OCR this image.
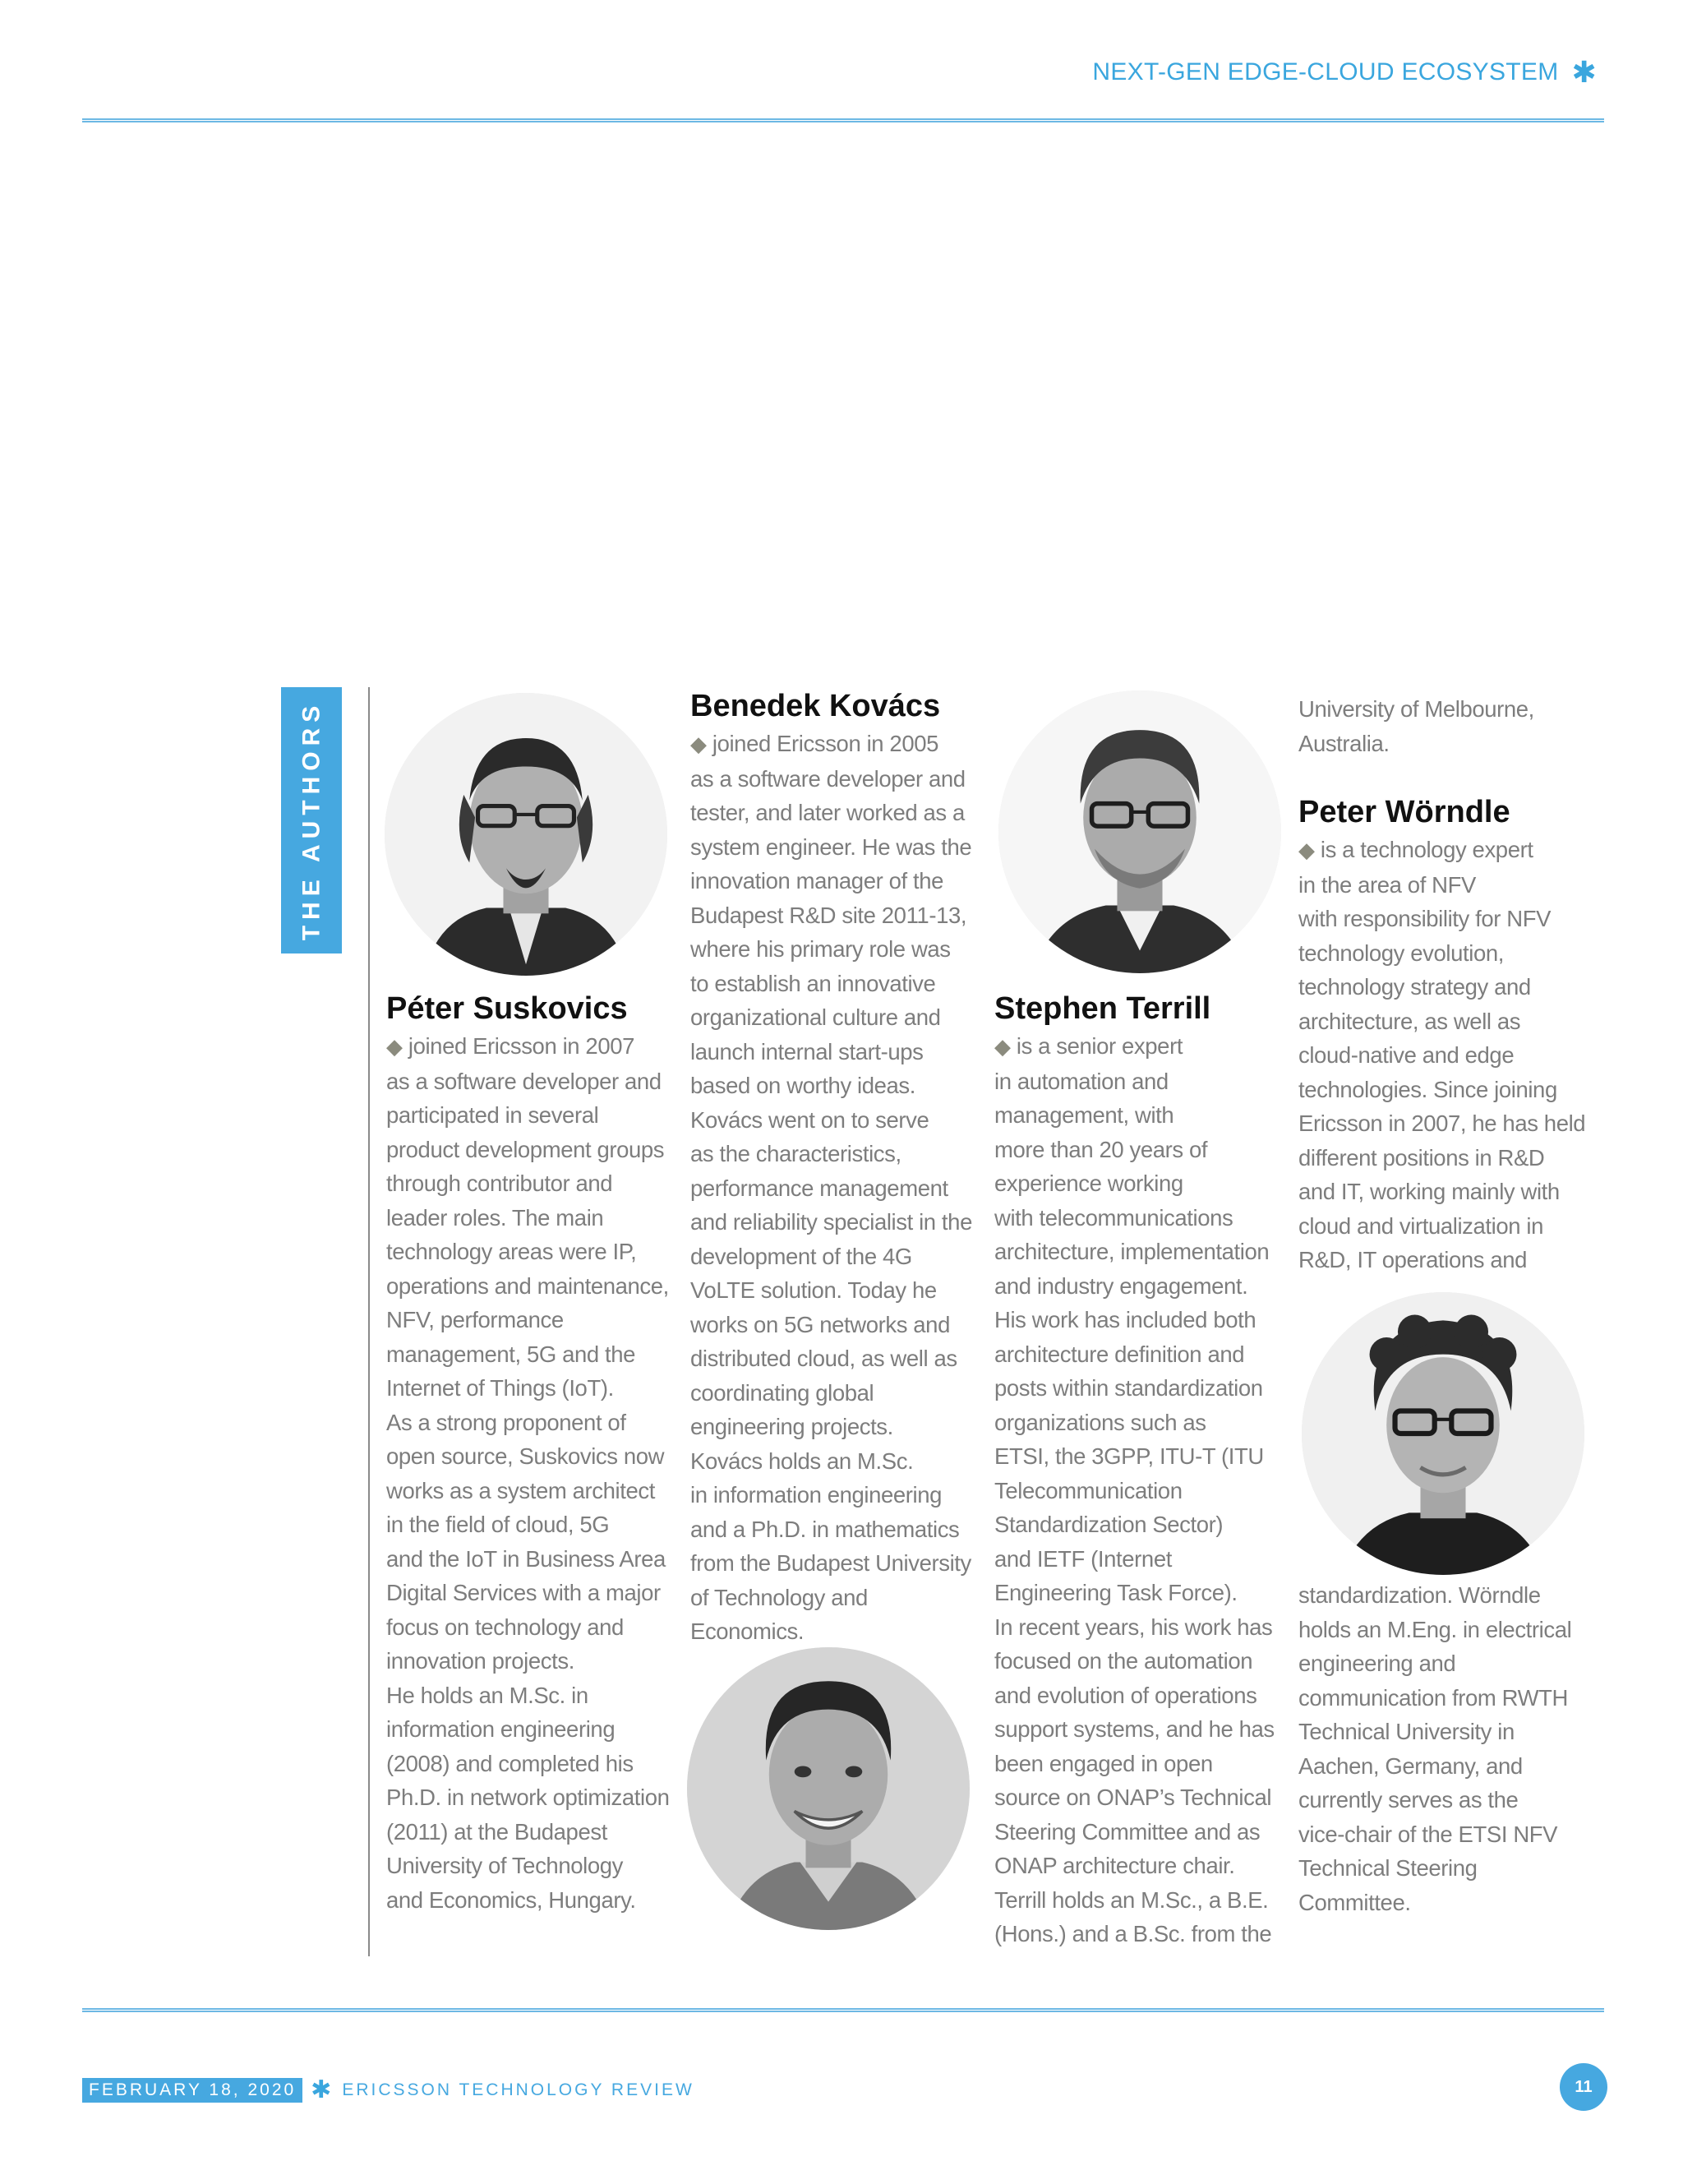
NEXT-GEN EDGE-CLOUD ECOSYSTEM ✱
THE AUTHORS
Péter Suskovics

◆ joined Ericsson in 2007

as a software developer and

participated in several

product development groups

through contributor and

leader roles. The main

technology areas were IP,

operations and maintenance,

NFV, performance

management, 5G and the

Internet of Things (IoT).

As a strong proponent of

open source, Suskovics now

works as a system architect

in the field of cloud, 5G

and the IoT in Business Area

Digital Services with a major

focus on technology and

innovation projects.

He holds an M.Sc. in

information engineering

(2008) and completed his

Ph.D. in network optimization

(2011) at the Budapest

University of Technology

and Economics, Hungary.

Benedek Kovács

◆ joined Ericsson in 2005

as a software developer and

tester, and later worked as a

system engineer. He was the

innovation manager of the

Budapest R&D site 2011-13,

where his primary role was

to establish an innovative

organizational culture and

launch internal start-ups

based on worthy ideas.

Kovács went on to serve

as the characteristics,

performance management

and reliability specialist in the

development of the 4G

VoLTE solution. Today he

works on 5G networks and

distributed cloud, as well as

coordinating global

engineering projects.

Kovács holds an M.Sc.

in information engineering

and a Ph.D. in mathematics

from the Budapest University

of Technology and

Economics.

Stephen Terrill

◆ is a senior expert

in automation and

management, with

more than 20 years of

experience working

with telecommunications

architecture, implementation

and industry engagement.

His work has included both

architecture definition and

posts within standardization

organizations such as

ETSI, the 3GPP, ITU-T (ITU

Telecommunication

Standardization Sector)

and IETF (Internet

Engineering Task Force).

In recent years, his work has

focused on the automation

and evolution of operations

support systems, and he has

been engaged in open

source on ONAP’s Technical

Steering Committee and as

ONAP architecture chair.

Terrill holds an M.Sc., a B.E.

(Hons.) and a B.Sc. from the

University of Melbourne,

Australia.

Peter Wörndle

◆ is a technology expert

in the area of NFV

with responsibility for NFV

technology evolution,

technology strategy and

architecture, as well as

cloud-native and edge

technologies. Since joining

Ericsson in 2007, he has held

different positions in R&D

and IT, working mainly with

cloud and virtualization in

R&D, IT operations and

standardization. Wörndle

holds an M.Eng. in electrical

engineering and

communication from RWTH

Technical University in

Aachen, Germany, and

currently serves as the

vice-chair of the ETSI NFV

Technical Steering

Committee.

FEBRUARY 18, 2020 ✱ ERICSSON TECHNOLOGY REVIEW	11
